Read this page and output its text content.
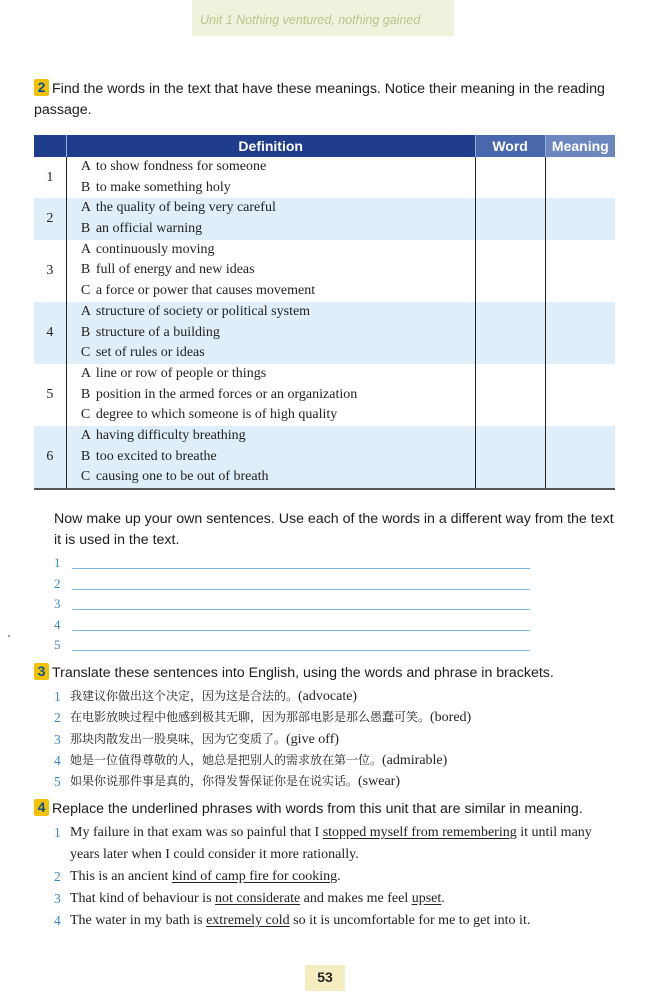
Unit 1 Nothing ventured, nothing gained
2 Find the words in the text that have these meanings. Notice their meaning in the reading passage.
	Definition	Word	Meaning
1	A to show fondness for someone
B to make something holy		

2	A the quality of being very careful
B an official warning		

3	A continuously moving
B full of energy and new ideas
C a force or power that causes movement		

4	A structure of society or political system
B structure of a building
C set of rules or ideas		

5	A line or row of people or things
B position in the armed forces or an organization
C degree to which someone is of high quality		

6	A having difficulty breathing
B too excited to breathe
C causing one to be out of breath		

Now make up your own sentences. Use each of the words in a different way from the text it is used in the text.
1
2
3
4
5
3 Translate these sentences into English, using the words and phrase in brackets.
1 我建议你做出这个决定，因为这是合法的。(advocate)
2 在电影放映过程中他感到极其无聊，因为那部电影是那么愚蠢可笑。(bored)
3 那块肉散发出一股臭味，因为它变质了。(give off)
4 她是一位值得尊敬的人，她总是把别人的需求放在第一位。(admirable)
5 如果你说那件事是真的，你得发誓保证你是在说实话。(swear)
4 Replace the underlined phrases with words from this unit that are similar in meaning.
1 My failure in that exam was so painful that I stopped myself from remembering it until many
years later when I could consider it more rationally.
2 This is an ancient kind of camp fire for cooking.
3 That kind of behaviour is not considerate and makes me feel upset.
4 The water in my bath is extremely cold so it is uncomfortable for me to get into it.
53
